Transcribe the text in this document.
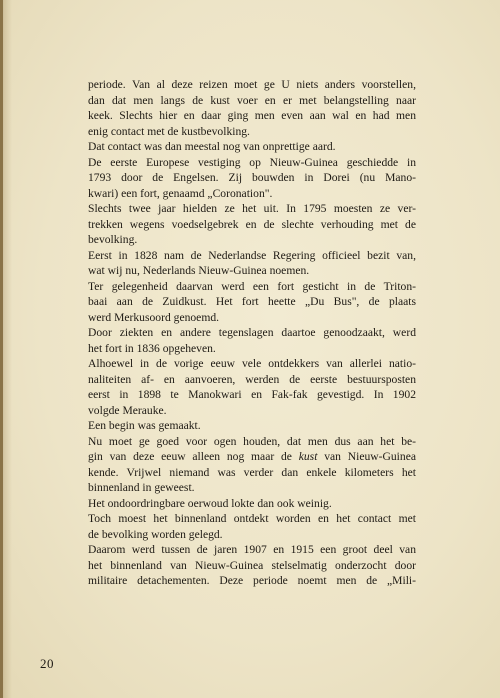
periode. Van al deze reizen moet ge U niets anders voorstellen,
dan dat men langs de kust voer en er met belangstelling naar
keek. Slechts hier en daar ging men even aan wal en had men
enig contact met de kustbevolking.

Dat contact was dan meestal nog van onprettige aard.

De eerste Europese vestiging op Nieuw-Guinea geschiedde in
1793 door de Engelsen. Zij bouwden in Dorei (nu Mano-
kwari) een fort, genaamd „Coronation".

Slechts twee jaar hielden ze het uit. In 1795 moesten ze ver-
trekken wegens voedselgebrek en de slechte verhouding met de
bevolking.

Eerst in 1828 nam de Nederlandse Regering officieel bezit van,
wat wij nu, Nederlands Nieuw-Guinea noemen.

Ter gelegenheid daarvan werd een fort gesticht in de Triton-
baai aan de Zuidkust. Het fort heette „Du Bus", de plaats
werd Merkusoord genoemd.

Door ziekten en andere tegenslagen daartoe genoodzaakt, werd
het fort in 1836 opgeheven.

Alhoewel in de vorige eeuw vele ontdekkers van allerlei natio-
naliteiten af- en aanvoeren, werden de eerste bestuursposten
eerst in 1898 te Manokwari en Fak-fak gevestigd. In 1902
volgde Merauke.

Een begin was gemaakt.

Nu moet ge goed voor ogen houden, dat men dus aan het be-
gin van deze eeuw alleen nog maar de kust van Nieuw-Guinea
kende. Vrijwel niemand was verder dan enkele kilometers het
binnenland in geweest.

Het ondoordringbare oerwoud lokte dan ook weinig.

Toch moest het binnenland ontdekt worden en het contact met
de bevolking worden gelegd.

Daarom werd tussen de jaren 1907 en 1915 een groot deel van
het binnenland van Nieuw-Guinea stelselmatig onderzocht door
militaire detachementen. Deze periode noemt men de „Mili-

20
